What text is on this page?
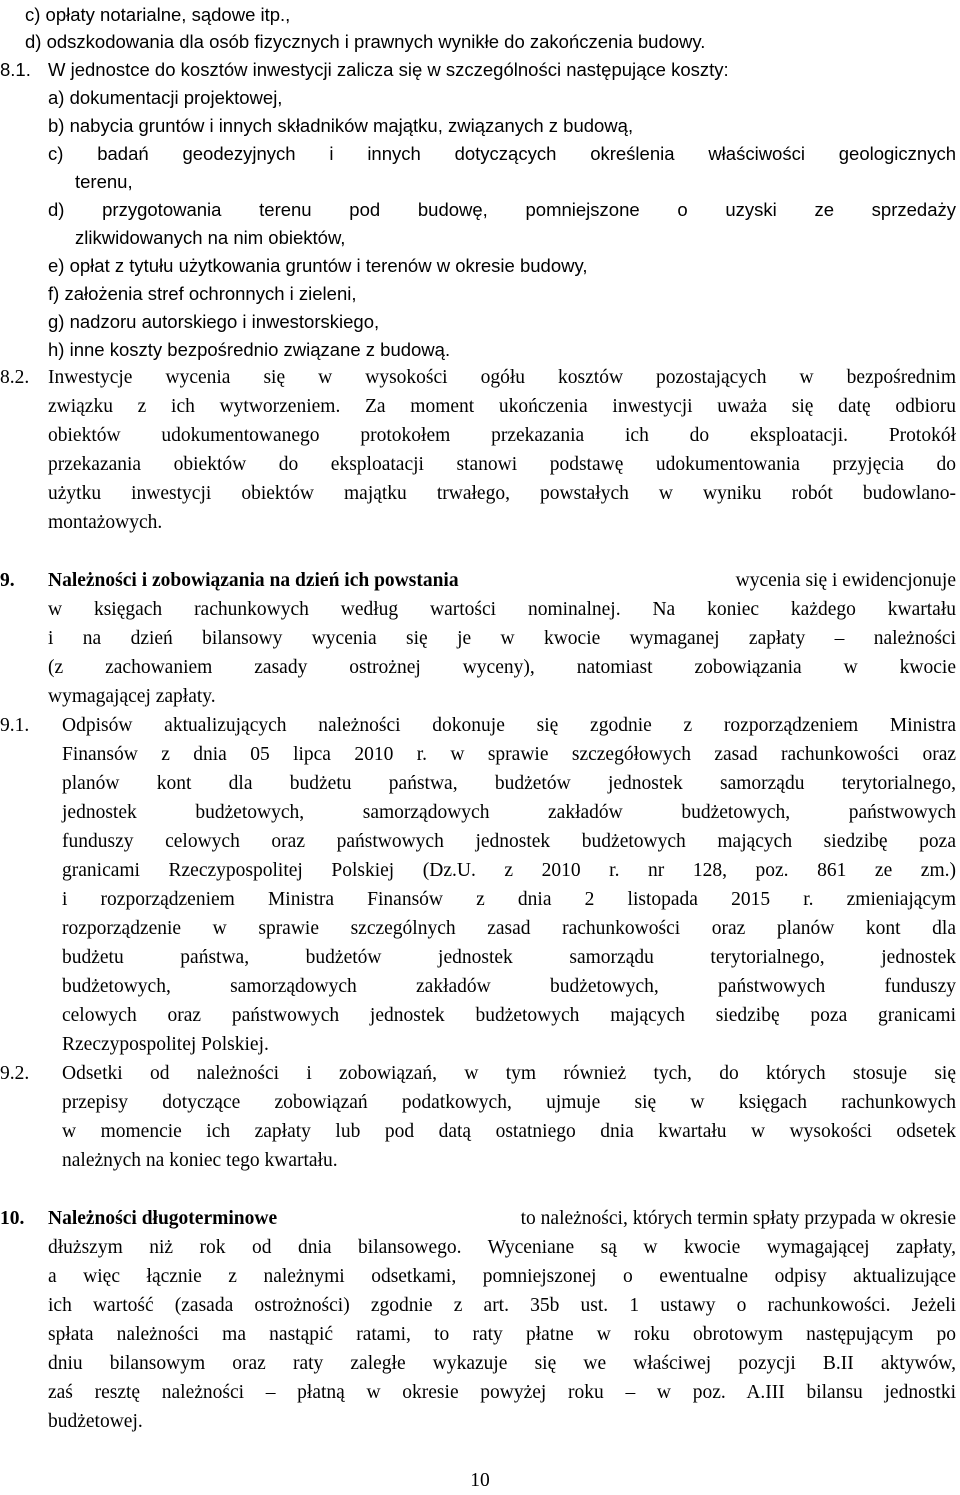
c) opłaty notarialne, sądowe itp.,
d) odszkodowania dla osób fizycznych i prawnych wynikłe do zakończenia budowy.
8.1. W jednostce do kosztów inwestycji zalicza się w szczególności następujące koszty:
a) dokumentacji projektowej,
b) nabycia gruntów i innych składników majątku, związanych z budową,
c) badań geodezyjnych i innych dotyczących określenia właściwości geologicznych
terenu,
d) przygotowania terenu pod budowę, pomniejszone o uzyski ze sprzedaży
zlikwidowanych na nim obiektów,
e) opłat z tytułu użytkowania gruntów i terenów w okresie budowy,
f) założenia stref ochronnych i zieleni,
g) nadzoru autorskiego i inwestorskiego,
h) inne koszty bezpośrednio związane z budową.
8.2. Inwestycje wycenia się w wysokości ogółu kosztów pozostających w bezpośrednim
związku z ich wytworzeniem. Za moment ukończenia inwestycji uważa się datę odbioru
obiektów udokumentowanego protokołem przekazania ich do eksploatacji. Protokół
przekazania obiektów do eksploatacji stanowi podstawę udokumentowania przyjęcia do
użytku inwestycji obiektów majątku trwałego, powstałych w wyniku robót budowlano-
montażowych.
9. Należności i zobowiązania na dzień ich powstania	wycenia się i ewidencjonuje
w księgach rachunkowych według wartości nominalnej. Na koniec każdego kwartału
i na dzień bilansowy wycenia się je w kwocie wymaganej zapłaty – należności
(z zachowaniem zasady ostrożnej wyceny), natomiast zobowiązania w kwocie
wymagającej zapłaty.
9.1. Odpisów aktualizujących należności dokonuje się zgodnie z rozporządzeniem Ministra
Finansów z dnia 05 lipca 2010 r. w sprawie szczegółowych zasad rachunkowości oraz
planów kont dla budżetu państwa, budżetów jednostek samorządu terytorialnego,
jednostek budżetowych, samorządowych zakładów budżetowych, państwowych
funduszy celowych oraz państwowych jednostek budżetowych mających siedzibę poza
granicami Rzeczypospolitej Polskiej (Dz.U. z 2010 r. nr 128, poz. 861 ze zm.)
i rozporządzeniem Ministra Finansów z dnia 2 listopada 2015 r. zmieniającym
rozporządzenie w sprawie szczególnych zasad rachunkowości oraz planów kont dla
budżetu państwa, budżetów jednostek samorządu terytorialnego, jednostek
budżetowych, samorządowych zakładów budżetowych, państwowych funduszy
celowych oraz państwowych jednostek budżetowych mających siedzibę poza granicami
Rzeczypospolitej Polskiej.
9.2. Odsetki od należności i zobowiązań, w tym również tych, do których stosuje się
przepisy dotyczące zobowiązań podatkowych, ujmuje się w księgach rachunkowych
w momencie ich zapłaty lub pod datą ostatniego dnia kwartału w wysokości odsetek
należnych na koniec tego kwartału.
10. Należności długoterminowe	to należności, których termin spłaty przypada w okresie
dłuższym niż rok od dnia bilansowego. Wyceniane są w kwocie wymagającej zapłaty,
a więc łącznie z należnymi odsetkami, pomniejszonej o ewentualne odpisy aktualizujące
ich wartość (zasada ostrożności) zgodnie z art. 35b ust. 1 ustawy o rachunkowości. Jeżeli
spłata należności ma nastąpić ratami, to raty płatne w roku obrotowym następującym po
dniu bilansowym oraz raty zaległe wykazuje się we właściwej pozycji B.II aktywów,
zaś resztę należności – płatną w okresie powyżej roku – w poz. A.III bilansu jednostki
budżetowej.
10
